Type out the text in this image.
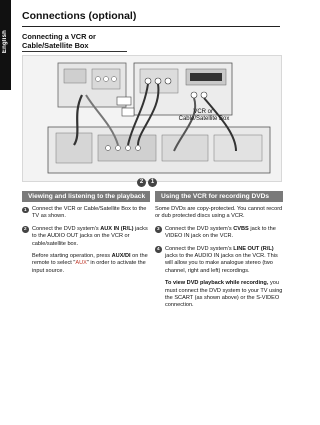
English
Connections (optional)
Connecting a VCR or Cable/Satellite Box
VCR or Cable/Satellite Box
2	1
Viewing and listening to the playback
1 Connect the VCR or Cable/Satellite Box to the TV as shown.
2 Connect the DVD system's AUX IN (R/L) jacks to the AUDIO OUT jacks on the VCR or cable/satellite box.

Before starting operation, press AUX/DI on the remote to select "AUX" in order to activate the input source.

Using the VCR for recording DVDs

Some DVDs are copy-protected. You cannot record or dub protected discs using a VCR.

3 Connect the DVD system's CVBS jack to the VIDEO IN jack on the VCR.
4 Connect the DVD system's LINE OUT (R/L) jacks to the AUDIO IN jacks on the VCR. This will allow you to make analogue stereo (two channel, right and left) recordings.

To view DVD playback while recording, you must connect the DVD system to your TV using the SCART (as shown above) or the S-VIDEO connection.
